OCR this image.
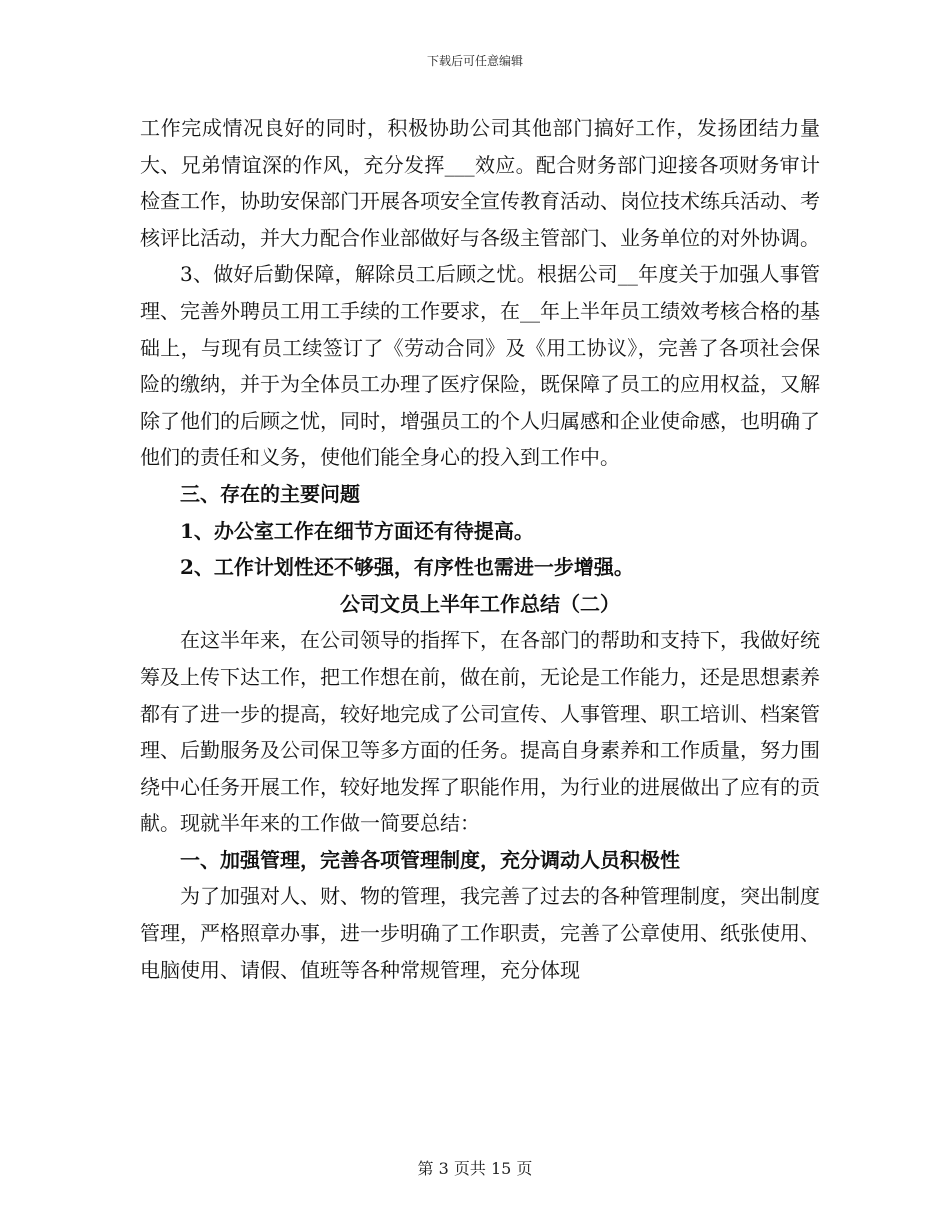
下载后可任意编辑

工作完成情况良好的同时，积极协助公司其他部门搞好工作，发扬团结力量大、兄弟情谊深的作风，充分发挥___效应。配合财务部门迎接各项财务审计检查工作，协助安保部门开展各项安全宣传教育活动、岗位技术练兵活动、考核评比活动，并大力配合作业部做好与各级主管部门、业务单位的对外协调。

3、做好后勤保障，解除员工后顾之忧。根据公司__年度关于加强人事管理、完善外聘员工用工手续的工作要求，在__年上半年员工绩效考核合格的基础上，与现有员工续签订了《劳动合同》及《用工协议》，完善了各项社会保险的缴纳，并于为全体员工办理了医疗保险，既保障了员工的应用权益，又解除了他们的后顾之忧，同时，增强员工的个人归属感和企业使命感，也明确了他们的责任和义务，使他们能全身心的投入到工作中。

三、存在的主要问题

1、办公室工作在细节方面还有待提高。

2、工作计划性还不够强，有序性也需进一步增强。

公司文员上半年工作总结（二）

在这半年来，在公司领导的指挥下，在各部门的帮助和支持下，我做好统筹及上传下达工作，把工作想在前，做在前，无论是工作能力，还是思想素养都有了进一步的提高，较好地完成了公司宣传、人事管理、职工培训、档案管理、后勤服务及公司保卫等多方面的任务。提高自身素养和工作质量，努力围绕中心任务开展工作，较好地发挥了职能作用，为行业的进展做出了应有的贡献。现就半年来的工作做一简要总结：

一、加强管理，完善各项管理制度，充分调动人员积极性

为了加强对人、财、物的管理，我完善了过去的各种管理制度，突出制度管理，严格照章办事，进一步明确了工作职责，完善了公章使用、纸张使用、电脑使用、请假、值班等各种常规管理，充分体现

第 3 页共 15 页
